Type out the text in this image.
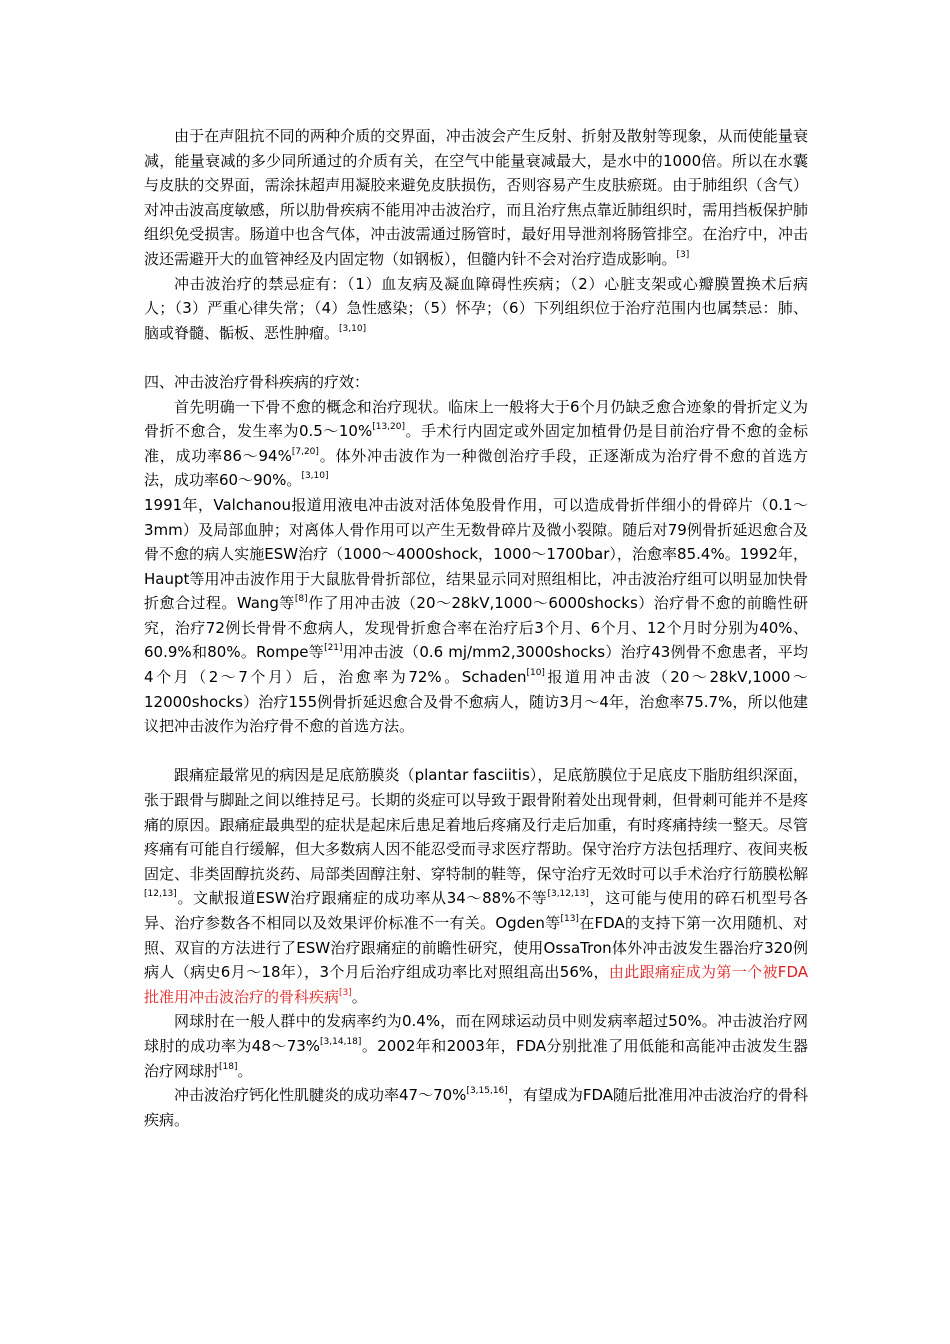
由于在声阻抗不同的两种介质的交界面，冲击波会产生反射、折射及散射等现象，从而使能量衰减，能量衰减的多少同所通过的介质有关，在空气中能量衰减最大，是水中的1000倍。所以在水囊与皮肤的交界面，需涂抹超声用凝胶来避免皮肤损伤，否则容易产生皮肤瘀斑。由于肺组织（含气）对冲击波高度敏感，所以肋骨疾病不能用冲击波治疗，而且治疗焦点靠近肺组织时，需用挡板保护肺组织免受损害。肠道中也含气体，冲击波需通过肠管时，最好用导泄剂将肠管排空。在治疗中，冲击波还需避开大的血管神经及内固定物（如钢板），但髓内针不会对治疗造成影响。[3]

冲击波治疗的禁忌症有：（1）血友病及凝血障碍性疾病；（2）心脏支架或心瓣膜置换术后病人；（3）严重心律失常；（4）急性感染；（5）怀孕；（6）下列组织位于治疗范围内也属禁忌：肺、脑或脊髓、骺板、恶性肿瘤。[3,10]

四、冲击波治疗骨科疾病的疗效：

首先明确一下骨不愈的概念和治疗现状。临床上一般将大于6个月仍缺乏愈合迹象的骨折定义为骨折不愈合，发生率为0.5～10%[13,20]。手术行内固定或外固定加植骨仍是目前治疗骨不愈的金标准，成功率86～94%[7,20]。体外冲击波作为一种微创治疗手段，正逐渐成为治疗骨不愈的首选方法，成功率60～90%。[3,10]

1991年，Valchanou报道用液电冲击波对活体兔股骨作用，可以造成骨折伴细小的骨碎片（0.1～3mm）及局部血肿；对离体人骨作用可以产生无数骨碎片及微小裂隙。随后对79例骨折延迟愈合及骨不愈的病人实施ESW治疗（1000～4000shock，1000～1700bar），治愈率85.4%。1992年，Haupt等用冲击波作用于大鼠肱骨骨折部位，结果显示同对照组相比，冲击波治疗组可以明显加快骨折愈合过程。Wang等[8]作了用冲击波（20～28kV,1000～6000shocks）治疗骨不愈的前瞻性研究，治疗72例长骨骨不愈病人，发现骨折愈合率在治疗后3个月、6个月、12个月时分别为40%、60.9%和80%。Rompe等[21]用冲击波（0.6 mj/mm2,3000shocks）治疗43例骨不愈患者，平均4个月（2～7个月）后，治愈率为72%。Schaden[10]报道用冲击波（20～28kV,1000～12000shocks）治疗155例骨折延迟愈合及骨不愈病人，随访3月～4年，治愈率75.7%，所以他建议把冲击波作为治疗骨不愈的首选方法。

跟痛症最常见的病因是足底筋膜炎（plantar fasciitis），足底筋膜位于足底皮下脂肪组织深面，张于跟骨与脚趾之间以维持足弓。长期的炎症可以导致于跟骨附着处出现骨刺，但骨刺可能并不是疼痛的原因。跟痛症最典型的症状是起床后患足着地后疼痛及行走后加重，有时疼痛持续一整天。尽管疼痛有可能自行缓解，但大多数病人因不能忍受而寻求医疗帮助。保守治疗方法包括理疗、夜间夹板固定、非类固醇抗炎药、局部类固醇注射、穿特制的鞋等，保守治疗无效时可以手术治疗行筋膜松解[12,13]。文献报道ESW治疗跟痛症的成功率从34～88%不等[3,12,13]，这可能与使用的碎石机型号各异、治疗参数各不相同以及效果评价标准不一有关。Ogden等[13]在FDA的支持下第一次用随机、对照、双盲的方法进行了ESW治疗跟痛症的前瞻性研究，使用OssaTron体外冲击波发生器治疗320例病人（病史6月～18年），3个月后治疗组成功率比对照组高出56%，由此跟痛症成为第一个被FDA批准用冲击波治疗的骨科疾病[3]。

网球肘在一般人群中的发病率约为0.4%，而在网球运动员中则发病率超过50%。冲击波治疗网球肘的成功率为48～73%[3,14,18]。2002年和2003年，FDA分别批准了用低能和高能冲击波发生器治疗网球肘[18]。

冲击波治疗钙化性肌腱炎的成功率47～70%[3,15,16]，有望成为FDA随后批准用冲击波治疗的骨科疾病。
